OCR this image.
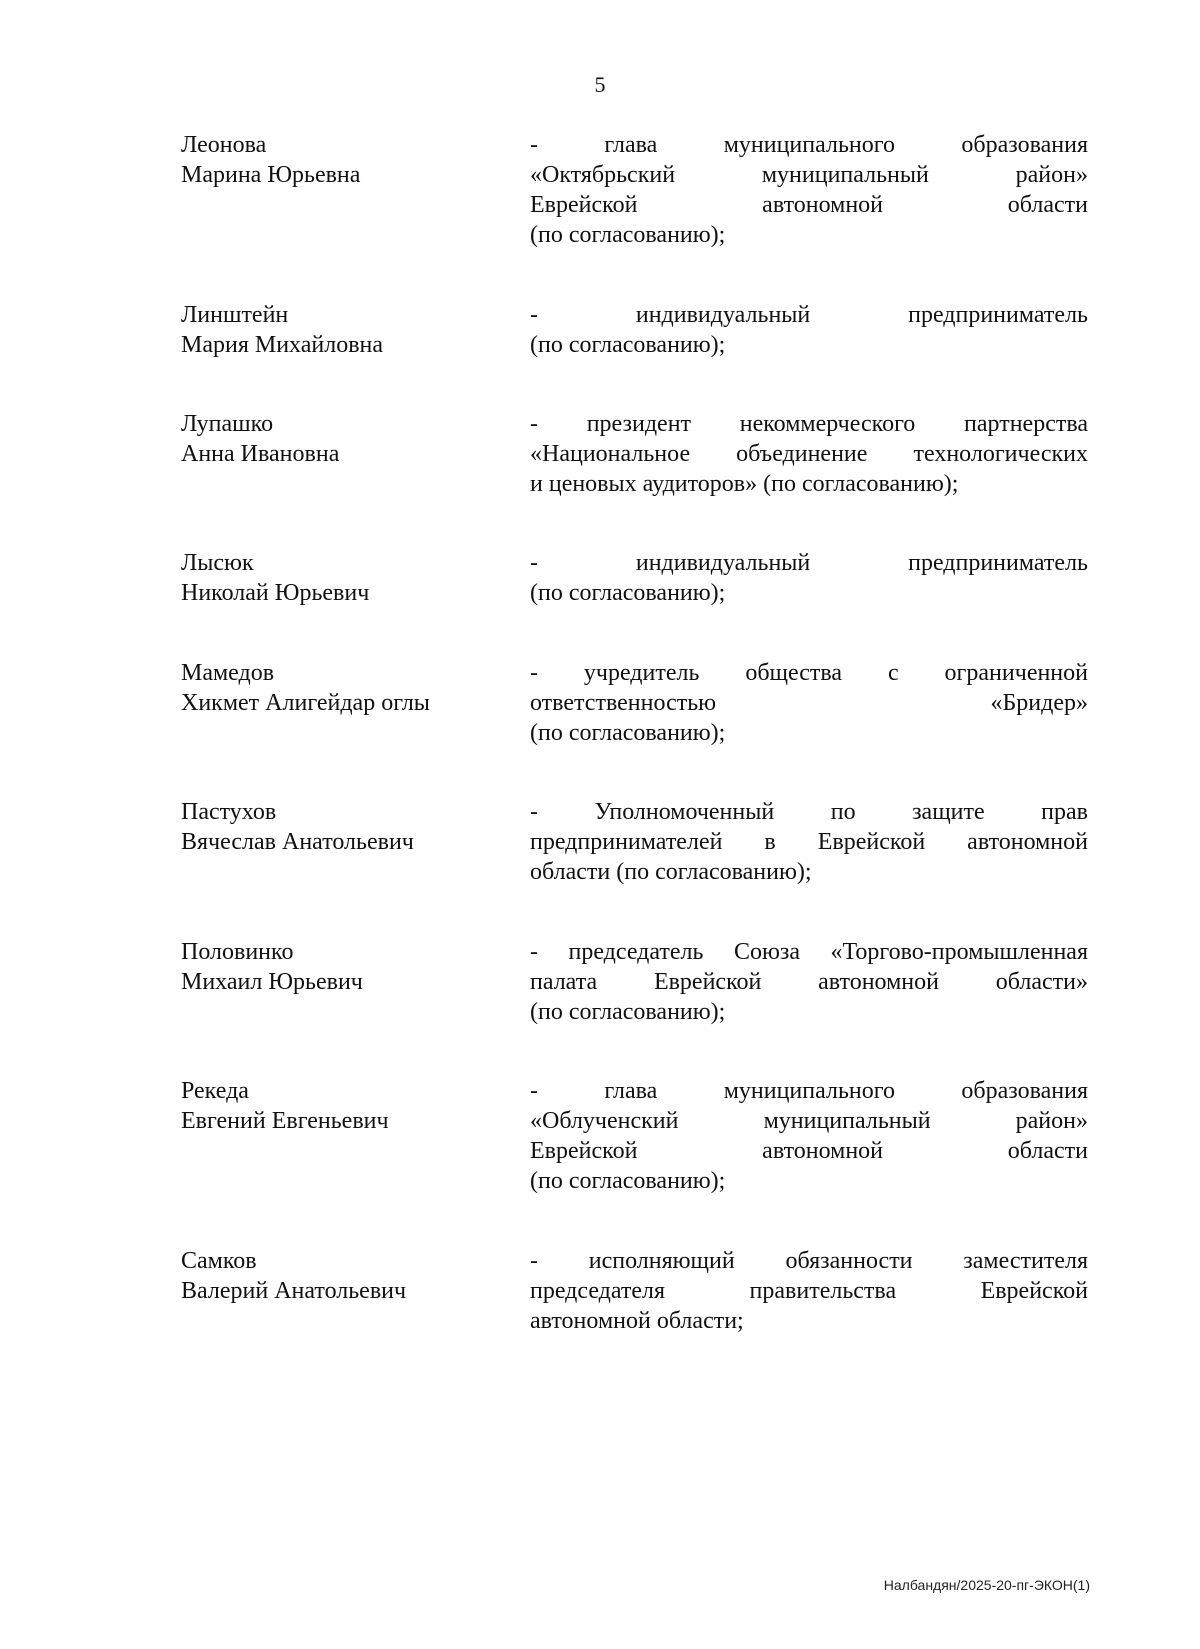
5
Леонова
Марина Юрьевна
- глава муниципального образования
«Октябрьский муниципальный район»
Еврейской автономной области
(по согласованию);
Линштейн
Мария Михайловна
- индивидуальный предприниматель
(по согласованию);
Лупашко
Анна Ивановна
- президент некоммерческого партнерства
«Национальное объединение технологических
и ценовых аудиторов» (по согласованию);
Лысюк
Николай Юрьевич
- индивидуальный предприниматель
(по согласованию);
Мамедов
Хикмет Алигейдар оглы
- учредитель общества с ограниченной
ответственностью «Бридер»
(по согласованию);
Пастухов
Вячеслав Анатольевич
- Уполномоченный по защите прав
предпринимателей в Еврейской автономной
области (по согласованию);
Половинко
Михаил Юрьевич
- председатель Союза «Торгово-промышленная
палата Еврейской автономной области»
(по согласованию);
Рекеда
Евгений Евгеньевич
- глава муниципального образования
«Облученский муниципальный район»
Еврейской автономной области
(по согласованию);
Самков
Валерий Анатольевич
- исполняющий обязанности заместителя
председателя правительства Еврейской
автономной области;
Налбандян/2025-20-пг-ЭКОН(1)
